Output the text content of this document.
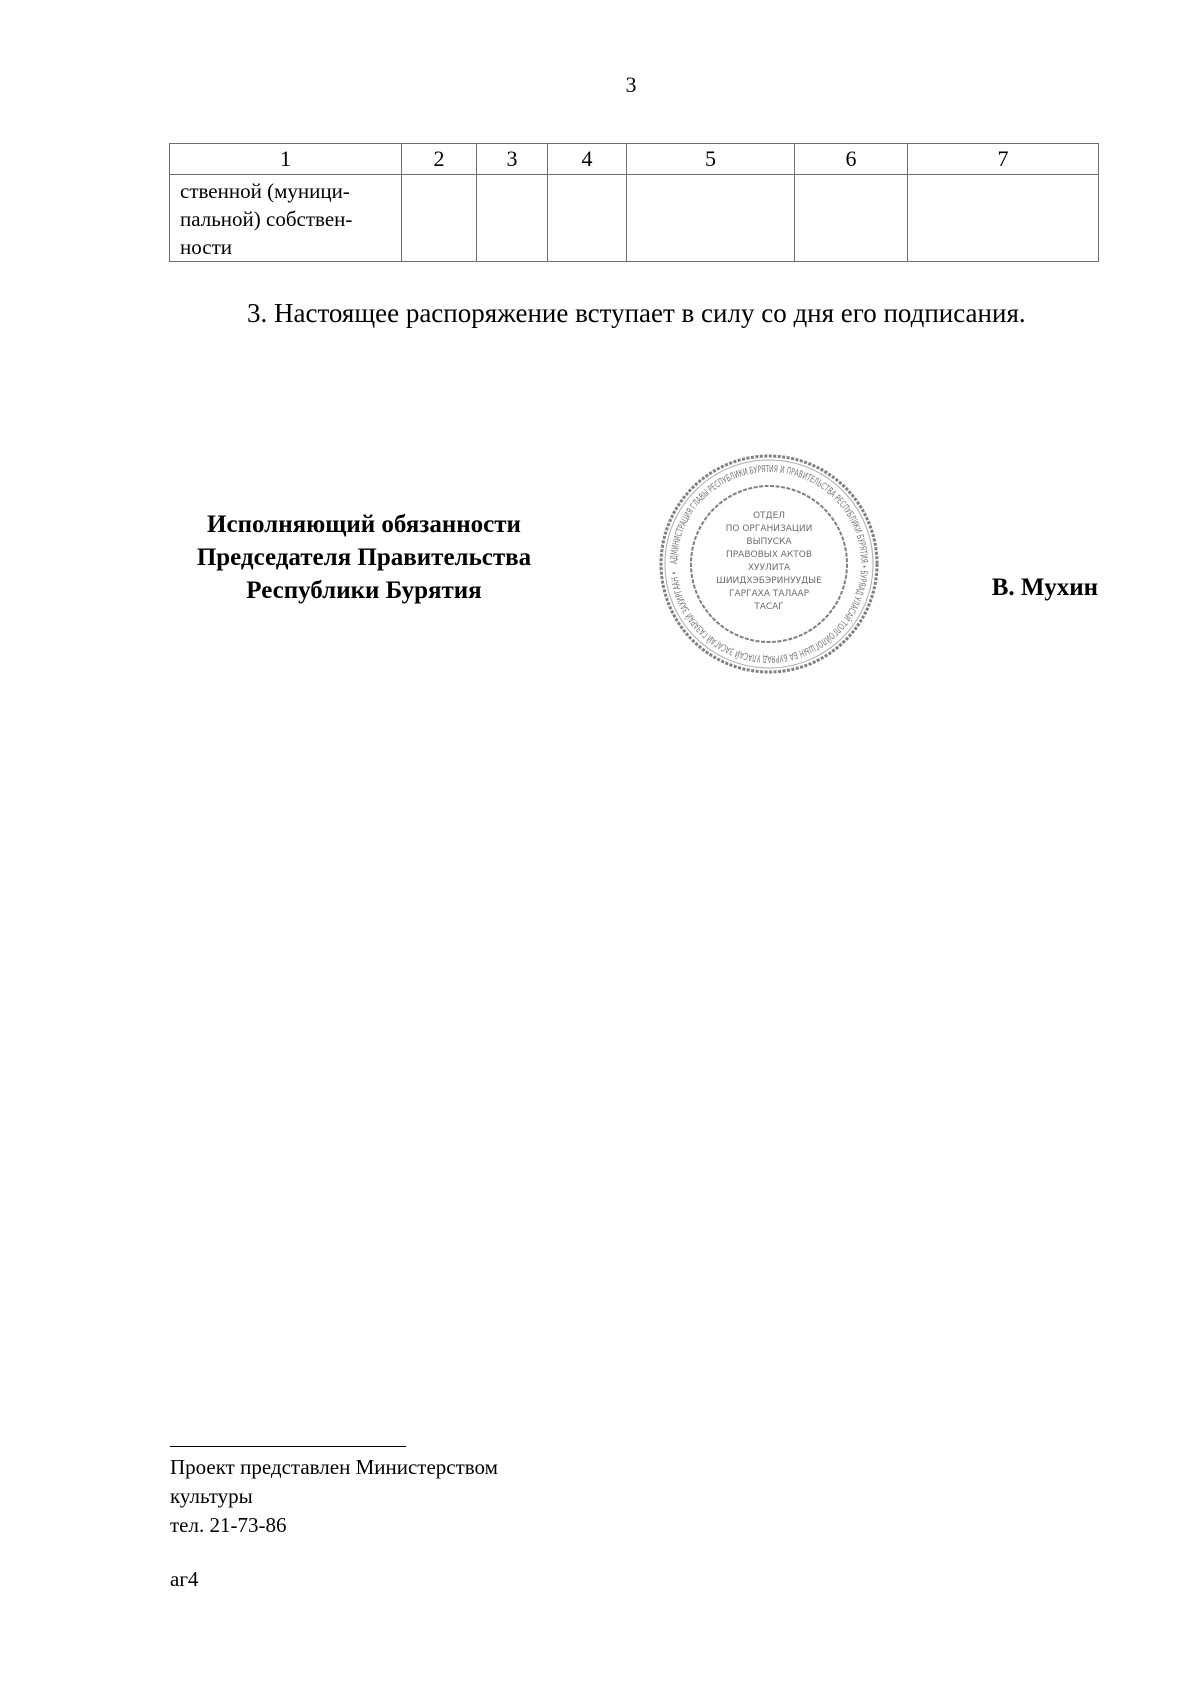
3
1	2	3	4	5	6	7

ственной (муници-
пальной) собствен-
ности						

3. Настоящее распоряжение вступает в силу со дня его подписания.
Исполняющий обязанности
Председателя Правительства
Республики Бурятия
АДМИНИСТРАЦИЯ ГЛАВЫ РЕСПУБЛИКИ БУРЯТИЯ И ПРАВИТЕЛЬСТВА РЕСПУБЛИКИ БУРЯТИЯ • БУРЯАД УЛАСАЙ ТОЛГОЙЛОГШЫН БА БУРЯАД УЛАСАЙ ЗАСАГАЙ ГАЗАРАЙ ЗАХИРГААН •
ОТДЕЛ
ПО ОРГАНИЗАЦИИ
ВЫПУСКА
ПРАВОВЫХ АКТОВ
ХУУЛИТА
ШИИДХЭБЭРИНУУДЫЕ
ГАРГАХА ТАЛААР
ТАСАГ
В. Мухин
Проект представлен Министерством
культуры
тел. 21-73-86
аг4
